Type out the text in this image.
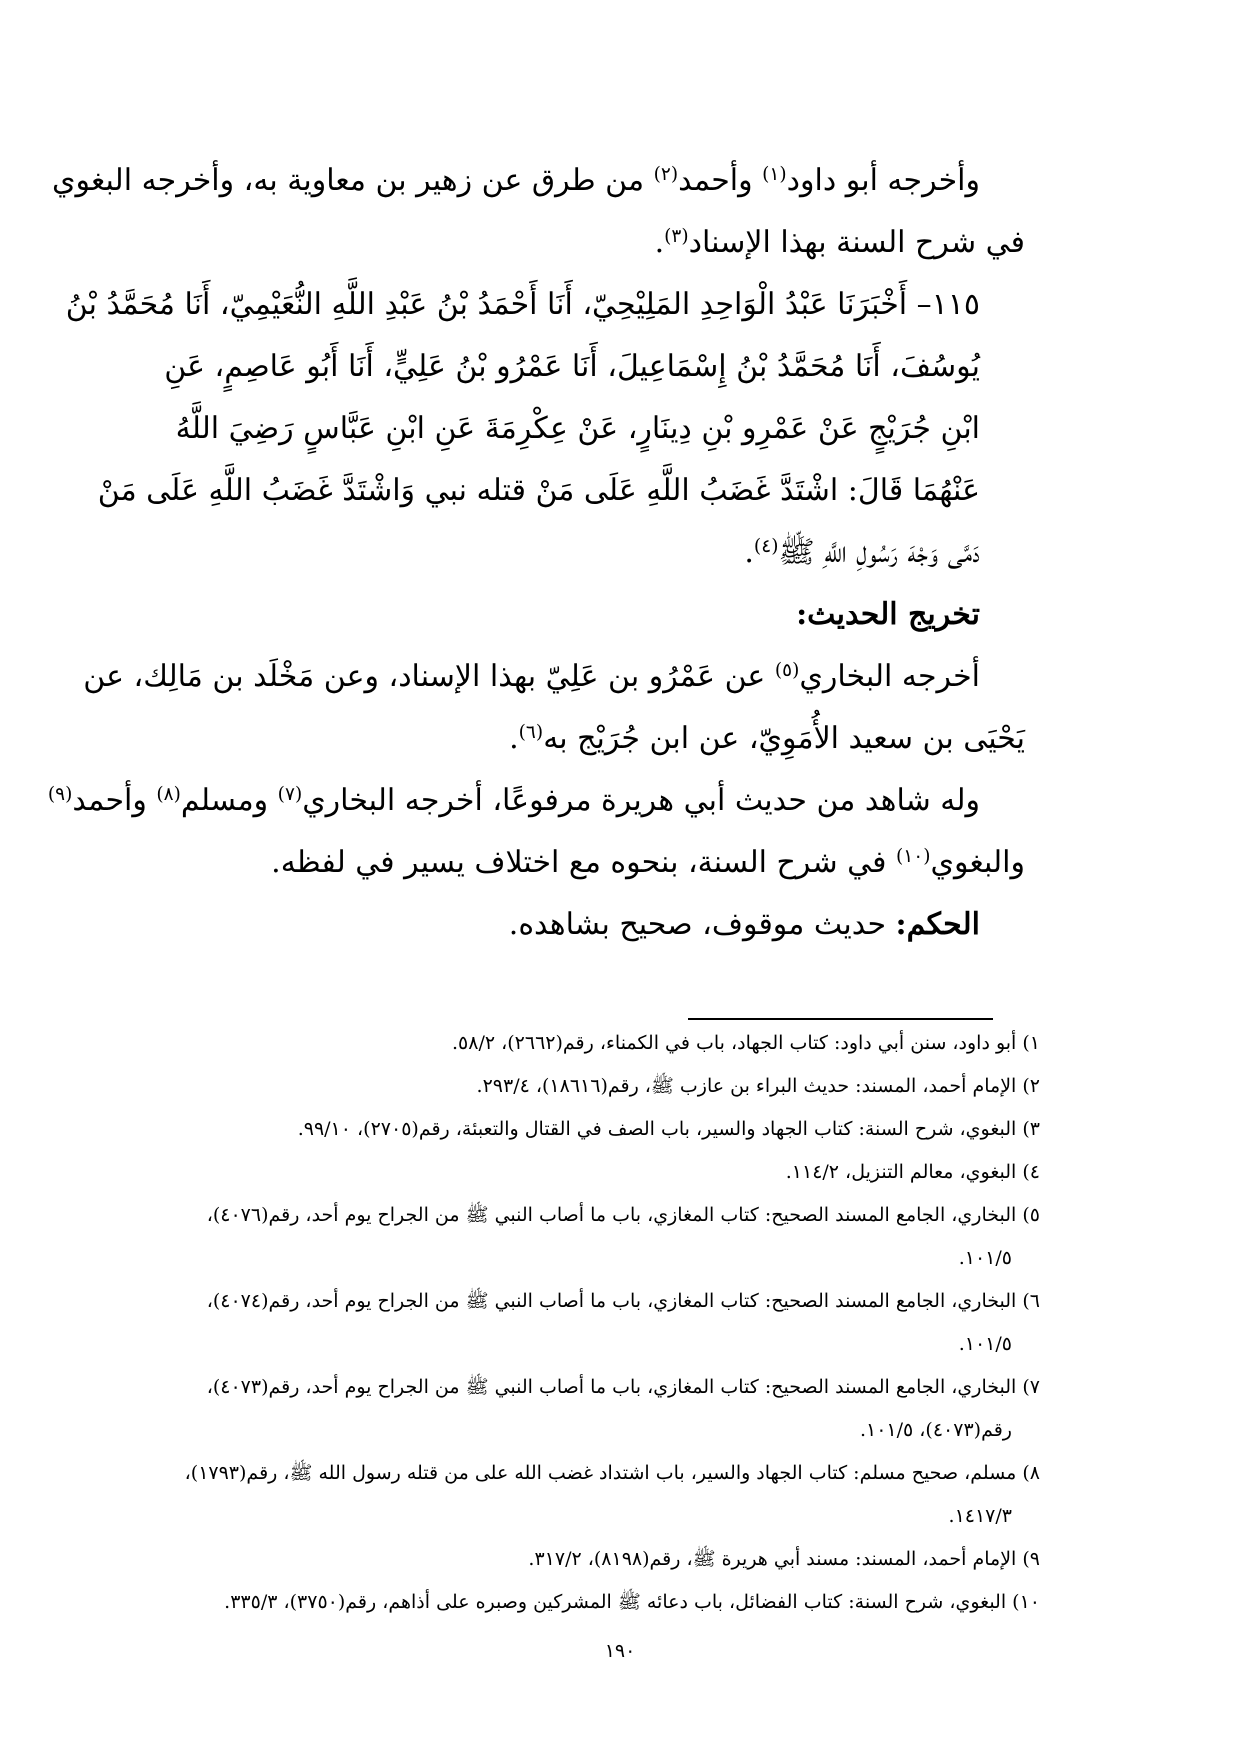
وأخرجه أبو داود$^{(١)}$ وأحمد$^{(٢)}$ من طرق عن زهير بن معاوية به، وأخرجه البغوي
في شرح السنة بهذا الإسناد$^{(٣)}$.
١١٥– أَخْبَرَنَا عَبْدُ الْوَاحِدِ المَلِيْحِيّ، أَنَا أَحْمَدُ بْنُ عَبْدِ اللَّهِ النُّعَيْمِيّ، أَنَا مُحَمَّدُ بْنُ
يُوسُفَ، أَنَا مُحَمَّدُ بْنُ إِسْمَاعِيلَ، أَنَا عَمْرُو بْنُ عَلِيٍّ، أَنَا أَبُو عَاصِمٍ، عَنِ
ابْنِ جُرَيْجٍ عَنْ عَمْرِو بْنِ دِينَارٍ، عَنْ عِكْرِمَةَ عَنِ ابْنِ عَبَّاسٍ رَضِيَ اللَّهُ
عَنْهُمَا قَالَ: اشْتَدَّ غَضَبُ اللَّهِ عَلَى مَنْ قتله نبي وَاشْتَدَّ غَضَبُ اللَّهِ عَلَى مَنْ
دَمَّى وَجْهَ رَسُولِ اللَّهِ ﷺ$^{(٤)}$.
تخريج الحديث:
أخرجه البخاري$^{(٥)}$ عن عَمْرُو بن عَلِيّ بهذا الإسناد، وعن مَخْلَد بن مَالِك، عن
يَحْيَى بن سعيد الأُمَوِيّ، عن ابن جُرَيْج به$^{(٦)}$.
وله شاهد من حديث أبي هريرة مرفوعًا، أخرجه البخاري$^{(٧)}$ ومسلم$^{(٨)}$ وأحمد$^{(٩)}$
والبغوي$^{(١٠)}$ في شرح السنة، بنحوه مع اختلاف يسير في لفظه.
الحكم: حديث موقوف، صحيح بشاهده.
١) أبو داود، سنن أبي داود: كتاب الجهاد، باب في الكمناء، رقم(٢٦٦٢)، ٥٨/٢.
٢) الإمام أحمد، المسند: حديث البراء بن عازب ﷺ، رقم(١٨٦١٦)، ٢٩٣/٤.
٣) البغوي، شرح السنة: كتاب الجهاد والسير، باب الصف في القتال والتعبئة، رقم(٢٧٠٥)، ٩٩/١٠.
٤) البغوي، معالم التنزيل، ١١٤/٢.
٥) البخاري، الجامع المسند الصحيح: كتاب المغازي، باب ما أصاب النبي ﷺ من الجراح يوم أحد، رقم(٤٠٧٦)،
١٠١/٥.
٦) البخاري، الجامع المسند الصحيح: كتاب المغازي، باب ما أصاب النبي ﷺ من الجراح يوم أحد، رقم(٤٠٧٤)،
١٠١/٥.
٧) البخاري، الجامع المسند الصحيح: كتاب المغازي، باب ما أصاب النبي ﷺ من الجراح يوم أحد، رقم(٤٠٧٣)،
رقم(٤٠٧٣)، ١٠١/٥.
٨) مسلم، صحيح مسلم: كتاب الجهاد والسير، باب اشتداد غضب الله على من قتله رسول الله ﷺ، رقم(١٧٩٣)،
١٤١٧/٣.
٩) الإمام أحمد، المسند: مسند أبي هريرة ﷺ، رقم(٨١٩٨)، ٣١٧/٢.
١٠) البغوي، شرح السنة: كتاب الفضائل، باب دعائه ﷺ المشركين وصبره على أذاهم، رقم(٣٧٥٠)، ٣٣٥/٣.
١٩٠
